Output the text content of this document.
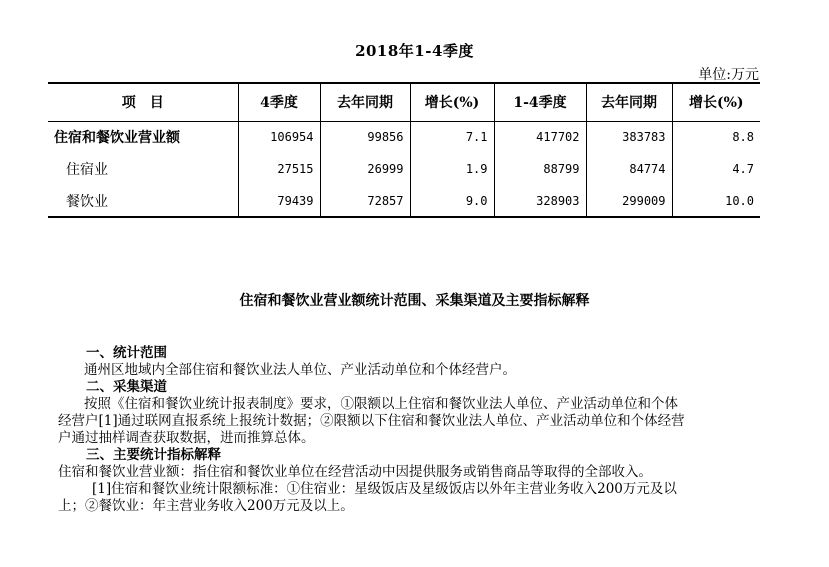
2018年1-4季度
单位:万元
项　目	4季度	去年同期	增长(%)	1-4季度	去年同期	增长(%)
住宿和餐饮业营业额	106954	99856	7.1	417702	383783	8.8
住宿业	27515	26999	1.9	88799	84774	4.7
餐饮业	79439	72857	9.0	328903	299009	10.0
住宿和餐饮业营业额统计范围、采集渠道及主要指标解释

一、统计范围

通州区地域内全部住宿和餐饮业法人单位、产业活动单位和个体经营户。

二、采集渠道

按照《住宿和餐饮业统计报表制度》要求，①限额以上住宿和餐饮业法人单位、产业活动单位和个体

经营户[1]通过联网直报系统上报统计数据；②限额以下住宿和餐饮业法人单位、产业活动单位和个体经营

户通过抽样调查获取数据，进而推算总体。

三、主要统计指标解释

住宿和餐饮业营业额：指住宿和餐饮业单位在经营活动中因提供服务或销售商品等取得的全部收入。

[1]住宿和餐饮业统计限额标准：①住宿业：星级饭店及星级饭店以外年主营业务收入200万元及以

上；②餐饮业：年主营业务收入200万元及以上。
